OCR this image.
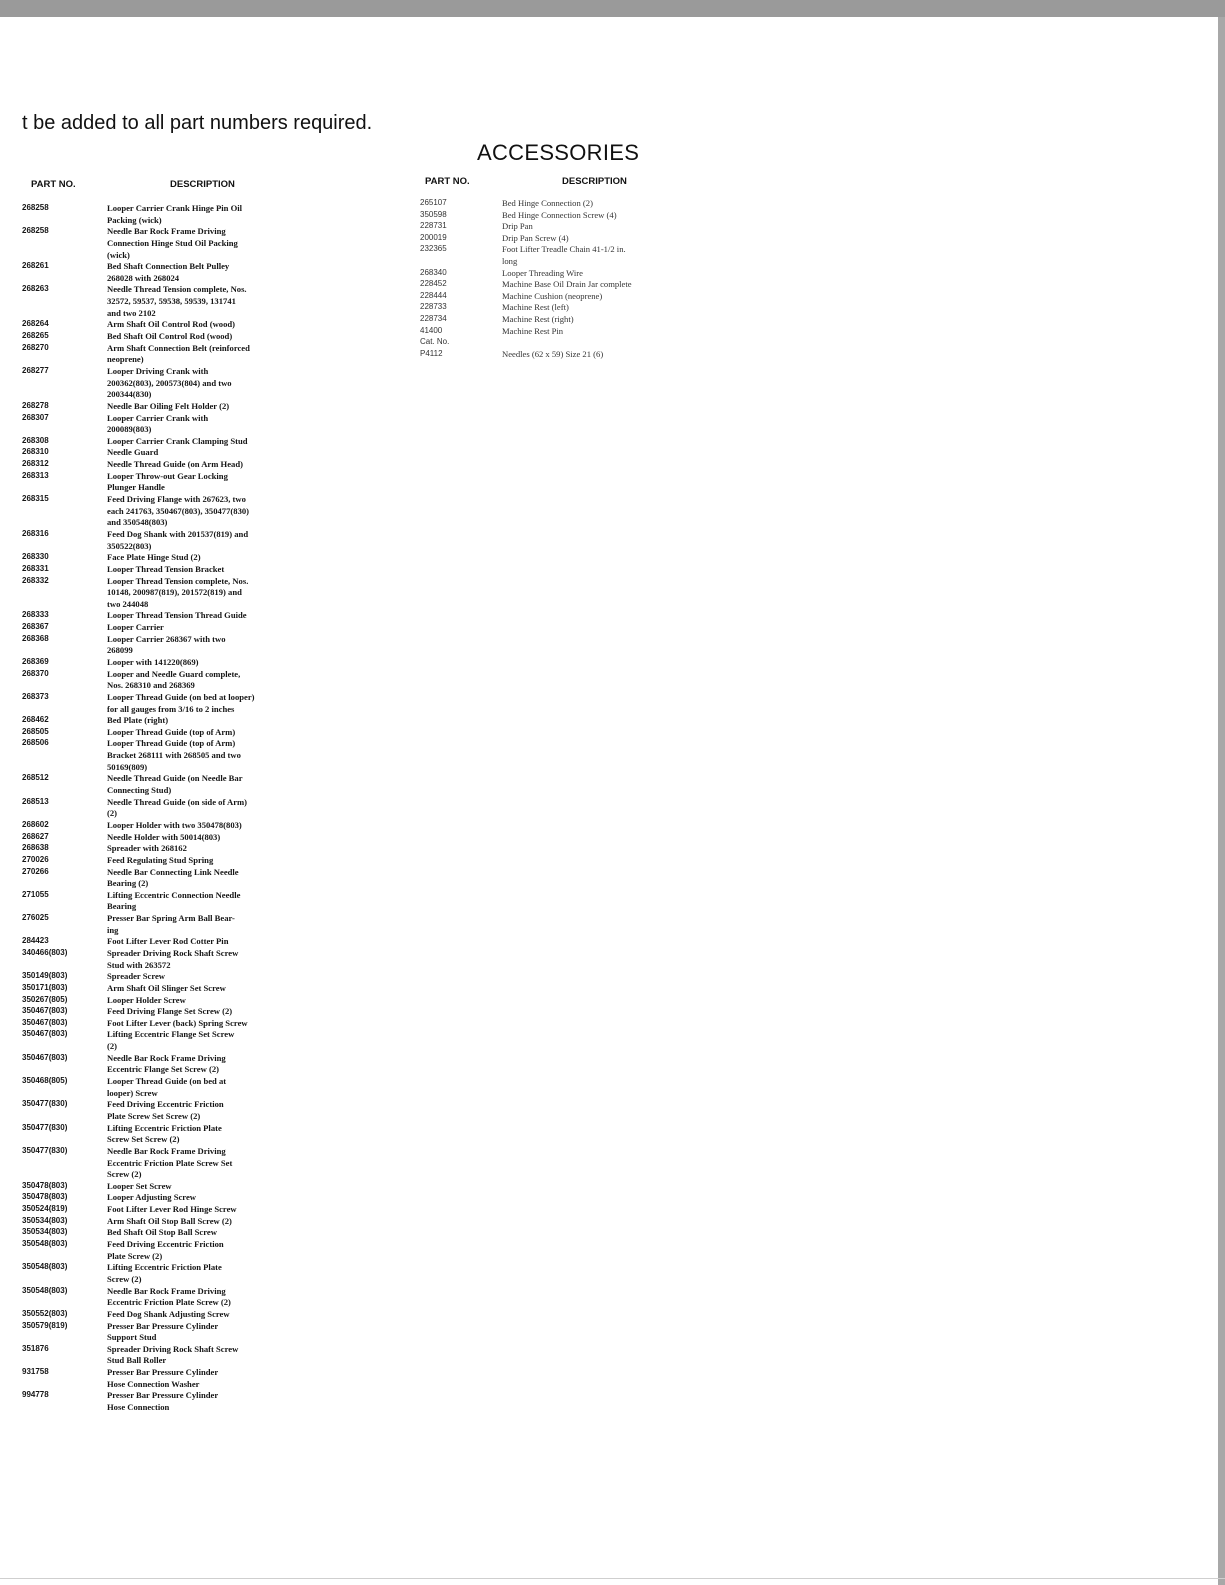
t be added to all part numbers required.
ACCESSORIES
PART NO.	DESCRIPTION	PART NO.	DESCRIPTION
268258	Looper Carrier Crank Hinge Pin Oil
Packing (wick)
268258	Needle Bar Rock Frame Driving
Connection Hinge Stud Oil Packing
(wick)
268261	Bed Shaft Connection Belt Pulley
268028 with 268024
268263	Needle Thread Tension complete, Nos.
32572, 59537, 59538, 59539, 131741
and two 2102
268264	Arm Shaft Oil Control Rod (wood)
268265	Bed Shaft Oil Control Rod (wood)
268270	Arm Shaft Connection Belt (reinforced
neoprene)
268277	Looper Driving Crank with
200362(803), 200573(804) and two
200344(830)
268278	Needle Bar Oiling Felt Holder (2)
268307	Looper Carrier Crank with
200089(803)
268308	Looper Carrier Crank Clamping Stud
268310	Needle Guard
268312	Needle Thread Guide (on Arm Head)
268313	Looper Throw-out Gear Locking
Plunger Handle
268315	Feed Driving Flange with 267623, two
each 241763, 350467(803), 350477(830)
and 350548(803)
268316	Feed Dog Shank with 201537(819) and
350522(803)
268330	Face Plate Hinge Stud (2)
268331	Looper Thread Tension Bracket
268332	Looper Thread Tension complete, Nos.
10148, 200987(819), 201572(819) and
two 244048
268333	Looper Thread Tension Thread Guide
268367	Looper Carrier
268368	Looper Carrier 268367 with two
268099
268369	Looper with 141220(869)
268370	Looper and Needle Guard complete,
Nos. 268310 and 268369
268373	Looper Thread Guide (on bed at looper)
for all gauges from 3/16 to 2 inches
268462	Bed Plate (right)
268505	Looper Thread Guide (top of Arm)
268506	Looper Thread Guide (top of Arm)
Bracket 268111 with 268505 and two
50169(809)
268512	Needle Thread Guide (on Needle Bar
Connecting Stud)
268513	Needle Thread Guide (on side of Arm)
(2)
268602	Looper Holder with two 350478(803)
268627	Needle Holder with 50014(803)
268638	Spreader with 268162
270026	Feed Regulating Stud Spring
270266	Needle Bar Connecting Link Needle
Bearing (2)
271055	Lifting Eccentric Connection Needle
Bearing
276025	Presser Bar Spring Arm Ball Bear-
ing
284423	Foot Lifter Lever Rod Cotter Pin
340466(803)	Spreader Driving Rock Shaft Screw
Stud with 263572
350149(803)	Spreader Screw
350171(803)	Arm Shaft Oil Slinger Set Screw
350267(805)	Looper Holder Screw
350467(803)	Feed Driving Flange Set Screw (2)
350467(803)	Foot Lifter Lever (back) Spring Screw
350467(803)	Lifting Eccentric Flange Set Screw
(2)
350467(803)	Needle Bar Rock Frame Driving
Eccentric Flange Set Screw (2)
350468(805)	Looper Thread Guide (on bed at
looper) Screw
350477(830)	Feed Driving Eccentric Friction
Plate Screw Set Screw (2)
350477(830)	Lifting Eccentric Friction Plate
Screw Set Screw (2)
350477(830)	Needle Bar Rock Frame Driving
Eccentric Friction Plate Screw Set
Screw (2)
350478(803)	Looper Set Screw
350478(803)	Looper Adjusting Screw
350524(819)	Foot Lifter Lever Rod Hinge Screw
350534(803)	Arm Shaft Oil Stop Ball Screw (2)
350534(803)	Bed Shaft Oil Stop Ball Screw
350548(803)	Feed Driving Eccentric Friction
Plate Screw (2)
350548(803)	Lifting Eccentric Friction Plate
Screw (2)
350548(803)	Needle Bar Rock Frame Driving
Eccentric Friction Plate Screw (2)
350552(803)	Feed Dog Shank Adjusting Screw
350579(819)	Presser Bar Pressure Cylinder
Support Stud
351876	Spreader Driving Rock Shaft Screw
Stud Ball Roller
931758	Presser Bar Pressure Cylinder
Hose Connection Washer
994778	Presser Bar Pressure Cylinder
Hose Connection
265107	Bed Hinge Connection (2)
350598	Bed Hinge Connection Screw (4)
228731	Drip Pan
200019	Drip Pan Screw (4)
232365	Foot Lifter Treadle Chain 41-1/2 in.
long
268340	Looper Threading Wire
228452	Machine Base Oil Drain Jar complete
228444	Machine Cushion (neoprene)
228733	Machine Rest (left)
228734	Machine Rest (right)
41400	Machine Rest Pin
Cat. No.
P4112	Needles (62 x 59) Size 21 (6)
